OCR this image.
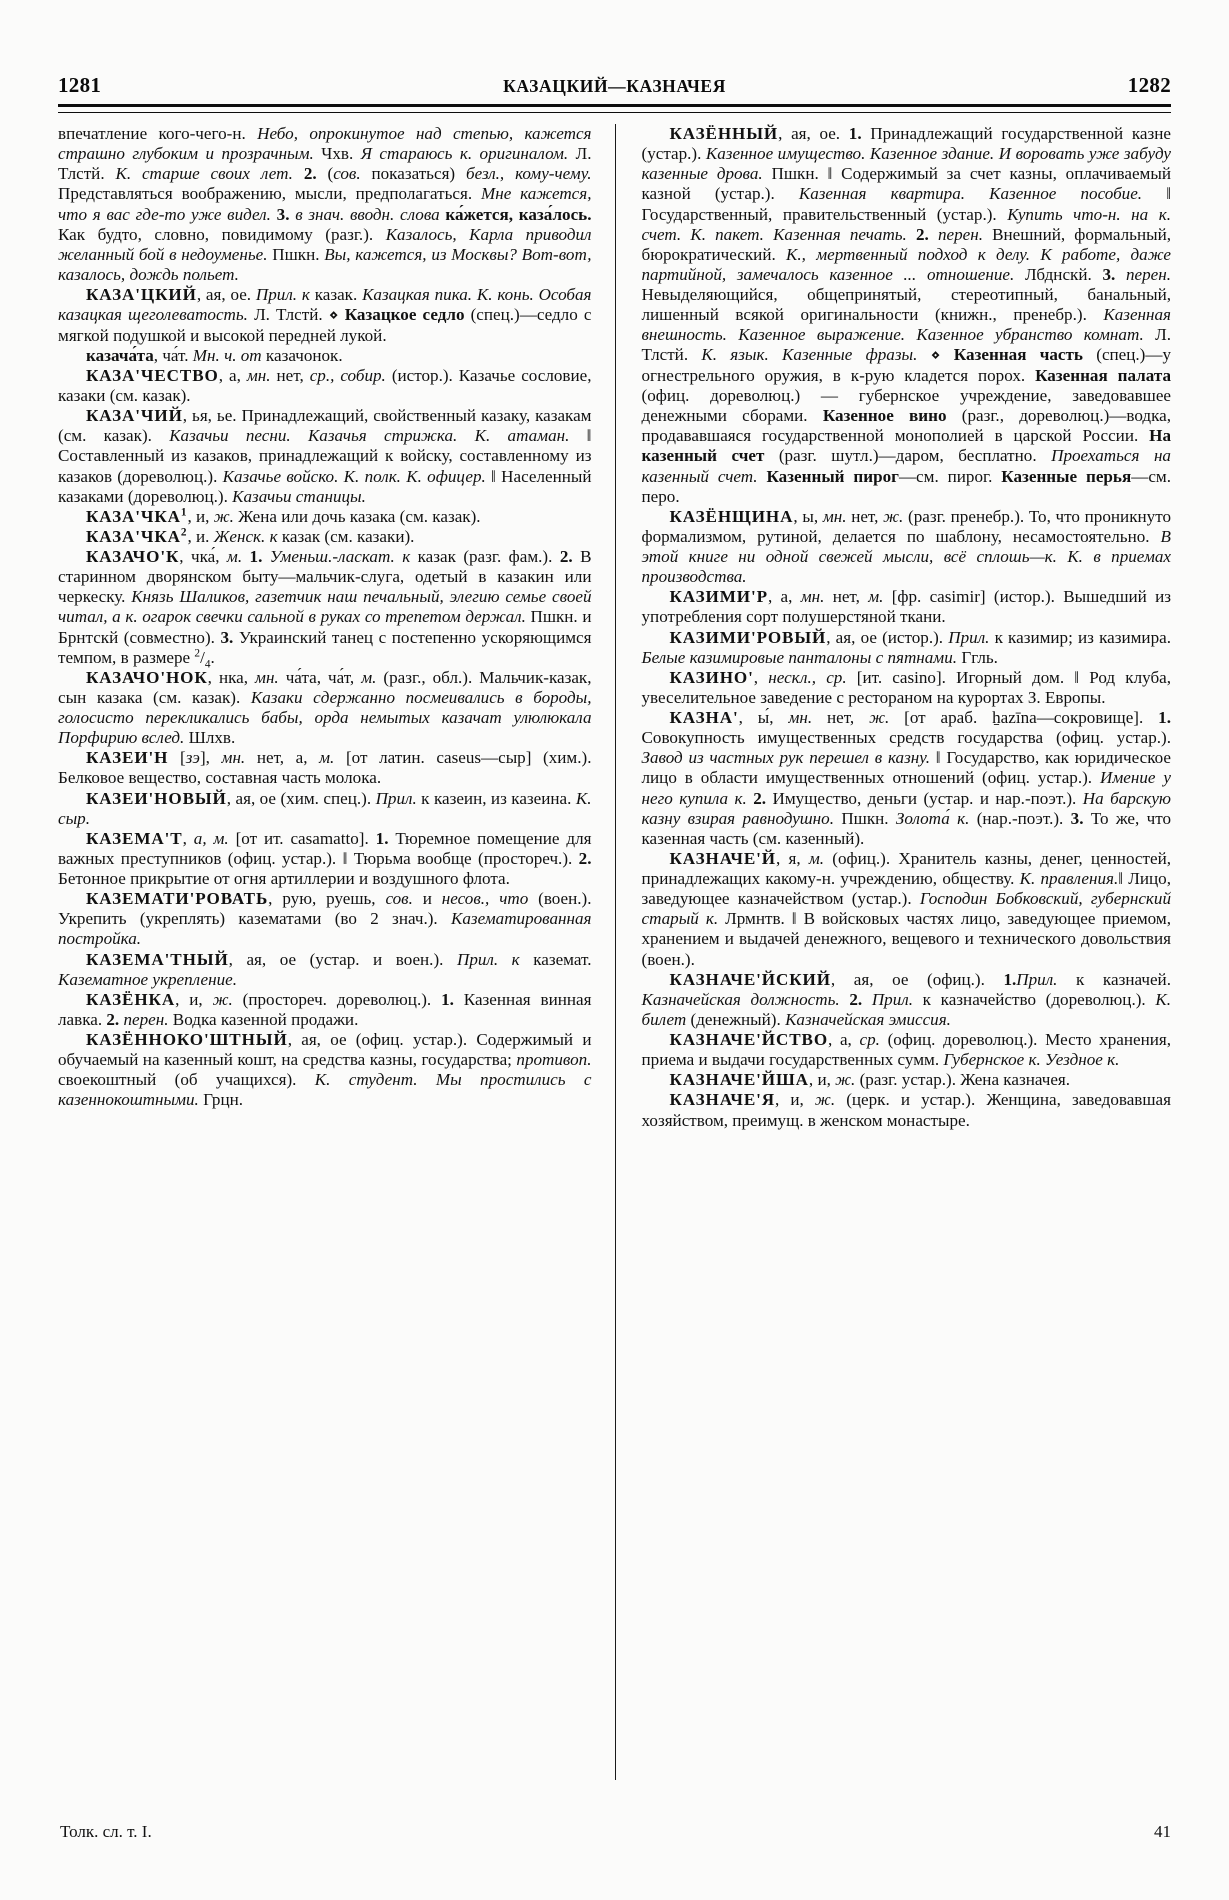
1281	КАЗАЦКИЙ—КАЗНАЧЕЯ	1282

впечатление кого-чего-н. Небо, опрокинутое над степью, кажется страшно глубоким и прозрачным. Чхв. Я стараюсь к. оригиналом. Л. Тлстй. К. старше своих лет. 2. (сов. показаться) безл., кому-чему. Представляться воображению, мысли, предполагаться. Мне кажется, что я вас где-то уже видел. 3. в знач. вводн. слова ка́жется, каза́лось. Как будто, словно, повидимому (разг.). Казалось, Карла приводил желанный бой в недоуменье. Пшкн. Вы, кажется, из Москвы? Вот-вот, казалось, дождь польет.

КАЗА'ЦКИЙ, ая, ое. Прил. к казак. Казацкая пика. К. конь. Особая казацкая щеголеватость. Л. Тлстй. ⋄ Казацкое седло (спец.)—седло с мягкой подушкой и высокой передней лукой.

казача́та, ча́т. Мн. ч. от казачонок.

КАЗА'ЧЕСТВО, а, мн. нет, ср., собир. (истор.). Казачье сословие, казаки (см. казак).

КАЗА'ЧИЙ, ья, ье. Принадлежащий, свойственный казаку, казакам (см. казак). Казачьи песни. Казачья стрижка. К. атаман. ‖ Составленный из казаков, принадлежащий к войску, составленному из казаков (дореволюц.). Казачье войско. К. полк. К. офицер. ‖ Населенный казаками (дореволюц.). Казачьи станицы.

КАЗА'ЧКА$^1$, и, ж. Жена или дочь казака (см. казак).

КАЗА'ЧКА$^2$, и. Женск. к казак (см. казаки).

КАЗАЧО'К, чка́, м. 1. Уменьш.-ласкат. к казак (разг. фам.). 2. В старинном дворянском быту—мальчик-слуга, одетый в казакин или черкеску. Князь Шаликов, газетчик наш печальный, элегию семье своей читал, а к. огарок свечки сальной в руках со трепетом держал. Пшкн. и Брнтскй (совместно). 3. Украинский танец с постепенно ускоряющимся темпом, в размере $^2/_4$.

КАЗАЧО'НОК, нка, мн. ча́та, ча́т, м. (разг., обл.). Мальчик-казак, сын казака (см. казак). Казаки сдержанно посмеивались в бороды, голосисто перекликались бабы, орда немытых казачат улюлюкала Порфирию вслед. Шлхв.

КАЗЕИ'Н [зэ], мн. нет, а, м. [от латин. caseus—сыр] (хим.). Белковое вещество, составная часть молока.

КАЗЕИ'НОВЫЙ, ая, ое (хим. спец.). Прил. к казеин, из казеина. К. сыр.

КАЗЕМА'Т, а, м. [от ит. casamatto]. 1. Тюремное помещение для важных преступников (офиц. устар.). ‖ Тюрьма вообще (простореч.). 2. Бетонное прикрытие от огня артиллерии и воздушного флота.

КАЗЕМАТИ'РОВАТЬ, рую, руешь, сов. и несов., что (воен.). Укрепить (укреплять) казематами (во 2 знач.). Казематированная постройка.

КАЗЕМА'ТНЫЙ, ая, ое (устар. и воен.). Прил. к каземат. Казематное укрепление.

КАЗЁНКА, и, ж. (простореч. дореволюц.). 1. Казенная винная лавка. 2. перен. Водка казенной продажи.

КАЗЁННОКО'ШТНЫЙ, ая, ое (офиц. устар.). Содержимый и обучаемый на казенный кошт, на средства казны, государства; противоп. своекоштный (об учащихся). К. студент. Мы простились с казеннокоштными. Грцн.

КАЗЁННЫЙ, ая, ое. 1. Принадлежащий государственной казне (устар.). Казенное имущество. Казенное здание. И воровать уже забуду казенные дрова. Пшкн. ‖ Содержимый за счет казны, оплачиваемый казной (устар.). Казенная квартира. Казенное пособие. ‖ Государственный, правительственный (устар.). Купить что-н. на к. счет. К. пакет. Казенная печать. 2. перен. Внешний, формальный, бюрократический. К., мертвенный подход к делу. К работе, даже партийной, замечалось казенное ... отношение. Лбднскй. 3. перен. Невыделяющийся, общепринятый, стереотипный, банальный, лишенный всякой оригинальности (книжн., пренебр.). Казенная внешность. Казенное выражение. Казенное убранство комнат. Л. Тлстй. К. язык. Казенные фразы. ⋄ Казенная часть (спец.)—у огнестрельного оружия, в к-рую кладется порох. Казенная палата (офиц. дореволюц.) — губернское учреждение, заведовавшее денежными сборами. Казенное вино (разг., дореволюц.)—водка, продававшаяся государственной монополией в царской России. На казенный счет (разг. шутл.)—даром, бесплатно. Проехаться на казенный счет. Казенный пирог—см. пирог. Казенные перья—см. перо.

КАЗЁНЩИНА, ы, мн. нет, ж. (разг. пренебр.). То, что проникнуто формализмом, рутиной, делается по шаблону, несамостоятельно. В этой книге ни одной свежей мысли, всё сплошь—к. К. в приемах производства.

КАЗИМИ'Р, а, мн. нет, м. [фр. casimir] (истор.). Вышедший из употребления сорт полушерстяной ткани.

КАЗИМИ'РОВЫЙ, ая, ое (истор.). Прил. к казимир; из казимира. Белые казимировые панталоны с пятнами. Ггль.

КАЗИНО', нескл., ср. [ит. casino]. Игорный дом. ‖ Род клуба, увеселительное заведение с рестораном на курортах З. Европы.

КАЗНА', ы́, мн. нет, ж. [от араб. ẖazīna—сокровище]. 1. Совокупность имущественных средств государства (офиц. устар.). Завод из частных рук перешел в казну. ‖ Государство, как юридическое лицо в области имущественных отношений (офиц. устар.). Имение у него купила к. 2. Имущество, деньги (устар. и нар.-поэт.). На барскую казну взирая равнодушно. Пшкн. Золота́ к. (нар.-поэт.). 3. То же, что казенная часть (см. казенный).

КАЗНАЧЕ'Й, я, м. (офиц.). Хранитель казны, денег, ценностей, принадлежащих какому-н. учреждению, обществу. К. правления.‖ Лицо, заведующее казначейством (устар.). Господин Бобковский, губернский старый к. Лрмнтв. ‖ В войсковых частях лицо, заведующее приемом, хранением и выдачей денежного, вещевого и технического довольствия (воен.).

КАЗНАЧЕ'ЙСКИЙ, ая, ое (офиц.). 1.Прил. к казначей. Казначейская должность. 2. Прил. к казначейство (дореволюц.). К. билет (денежный). Казначейская эмиссия.

КАЗНАЧЕ'ЙСТВО, а, ср. (офиц. дореволюц.). Место хранения, приема и выдачи государственных сумм. Губернское к. Уездное к.

КАЗНАЧЕ'ЙША, и, ж. (разг. устар.). Жена казначея.

КАЗНАЧЕ'Я, и, ж. (церк. и устар.). Женщина, заведовавшая хозяйством, преимущ. в женском монастыре.

Толк. сл. т. I.	41
